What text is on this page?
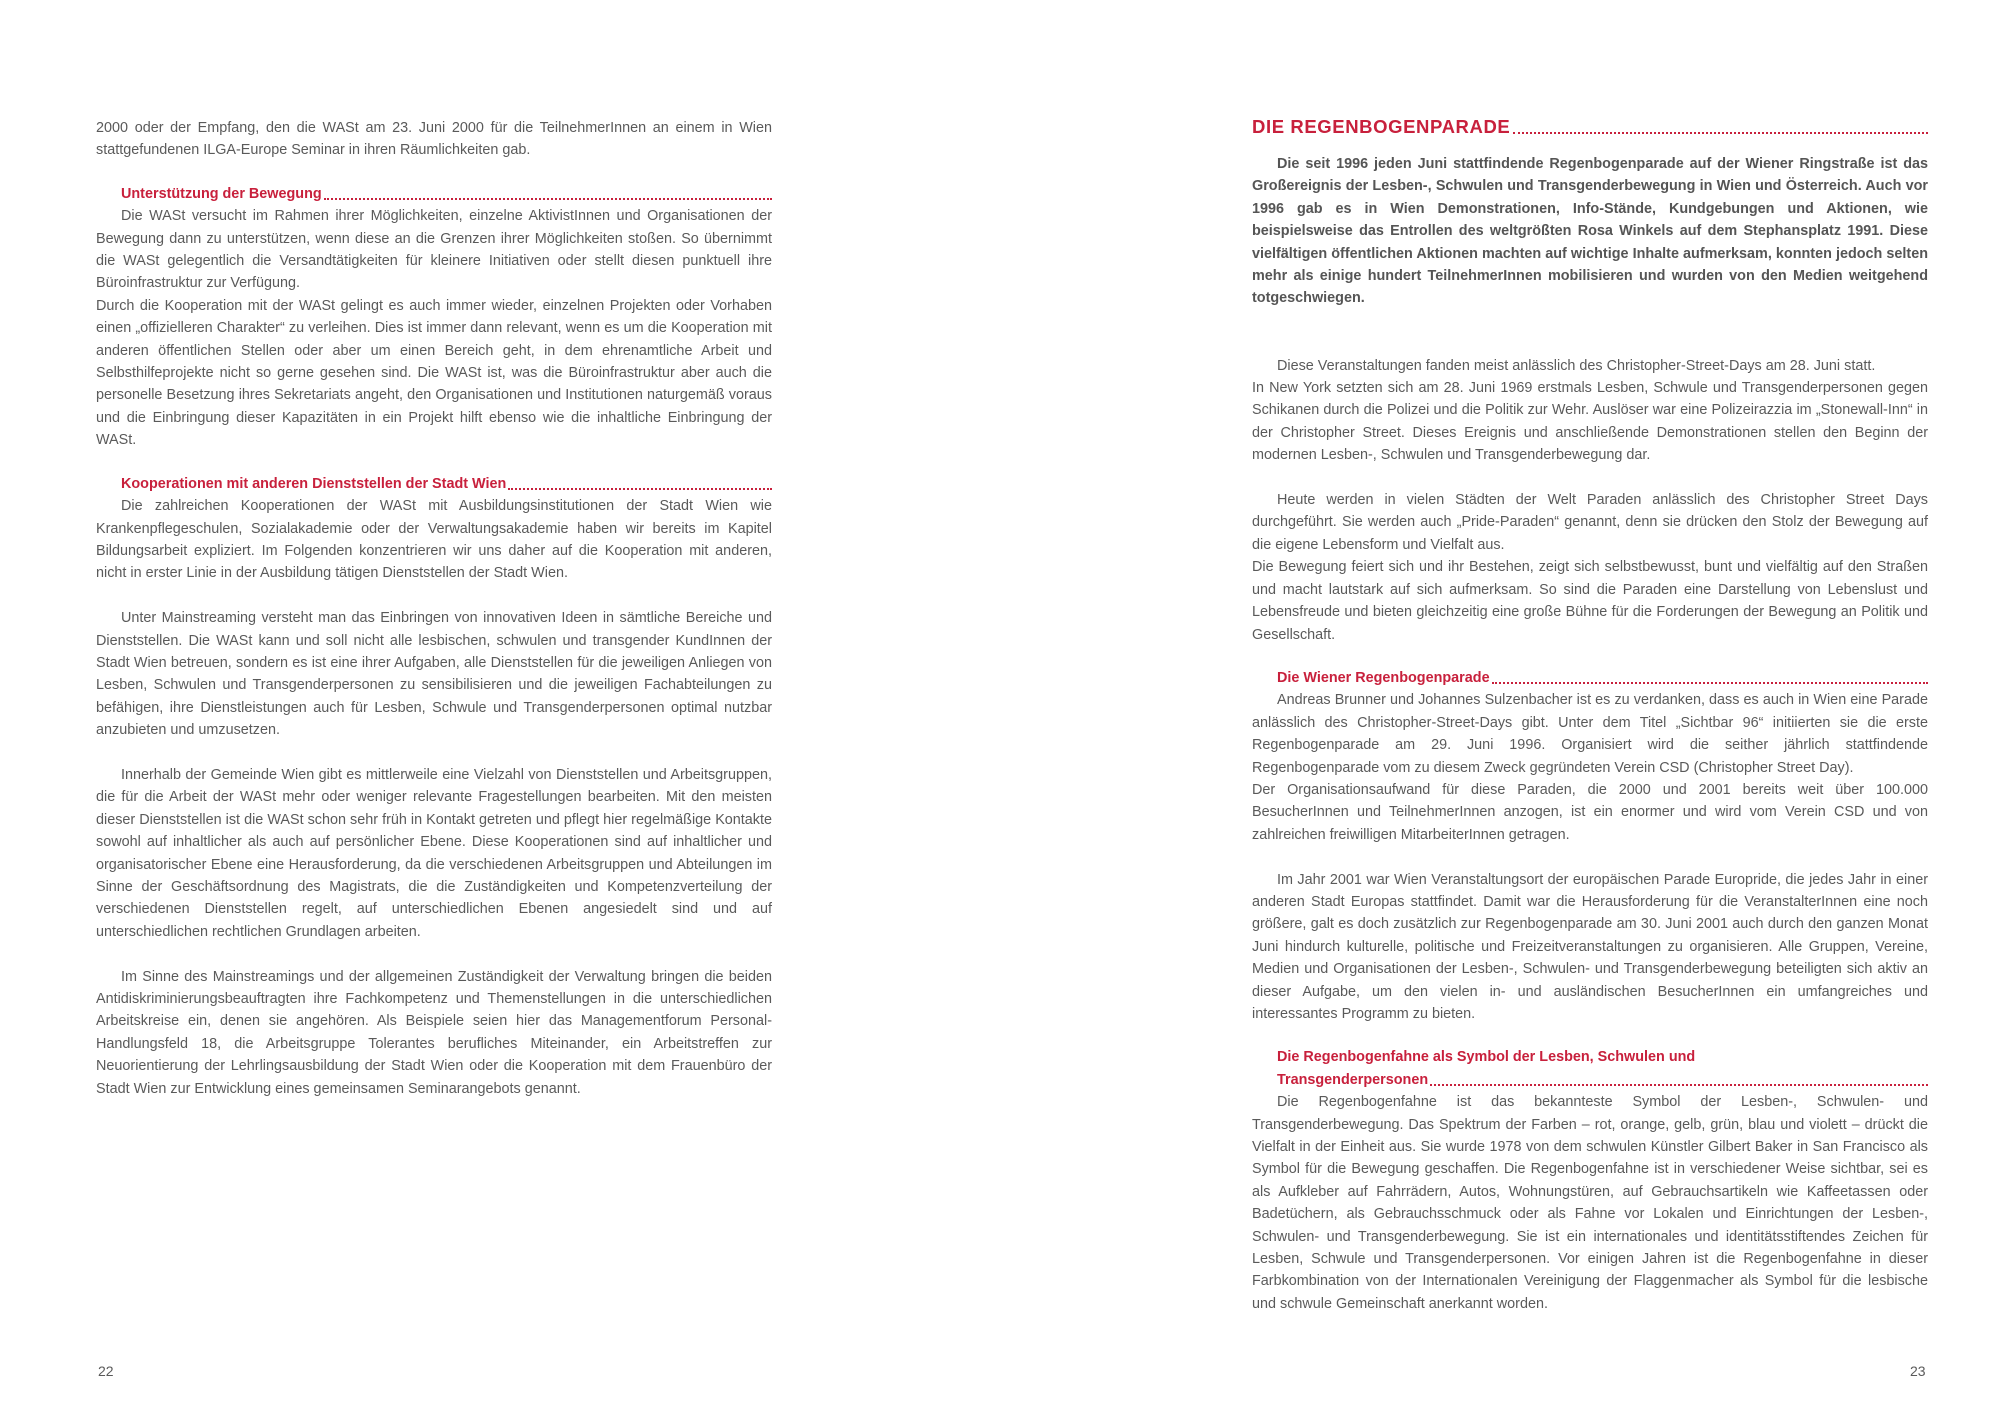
2000 oder der Empfang, den die WASt am 23. Juni 2000 für die TeilnehmerInnen an einem in Wien stattgefundenen ILGA-Europe Seminar in ihren Räumlichkeiten gab.

Unterstützung der Bewegung

Die WASt versucht im Rahmen ihrer Möglichkeiten, einzelne AktivistInnen und Organisationen der Bewegung dann zu unterstützen, wenn diese an die Grenzen ihrer Möglichkeiten stoßen. So übernimmt die WASt gelegentlich die Versandtätigkeiten für kleinere Initiativen oder stellt diesen punktuell ihre Büroinfrastruktur zur Verfügung.

Durch die Kooperation mit der WASt gelingt es auch immer wieder, einzelnen Projekten oder Vorhaben einen „offizielleren Charakter“ zu verleihen. Dies ist immer dann relevant, wenn es um die Kooperation mit anderen öffentlichen Stellen oder aber um einen Bereich geht, in dem ehrenamtliche Arbeit und Selbsthilfeprojekte nicht so gerne gesehen sind. Die WASt ist, was die Büroinfrastruktur aber auch die personelle Besetzung ihres Sekretariats angeht, den Organisationen und Institutionen naturgemäß voraus und die Einbringung dieser Kapazitäten in ein Projekt hilft ebenso wie die inhaltliche Einbringung der WASt.

Kooperationen mit anderen Dienststellen der Stadt Wien

Die zahlreichen Kooperationen der WASt mit Ausbildungsinstitutionen der Stadt Wien wie Krankenpflegeschulen, Sozialakademie oder der Verwaltungsakademie haben wir bereits im Kapitel Bildungsarbeit expliziert. Im Folgenden konzentrieren wir uns daher auf die Kooperation mit anderen, nicht in erster Linie in der Ausbildung tätigen Dienststellen der Stadt Wien.

Unter Mainstreaming versteht man das Einbringen von innovativen Ideen in sämtliche Bereiche und Dienststellen. Die WASt kann und soll nicht alle lesbischen, schwulen und transgender KundInnen der Stadt Wien betreuen, sondern es ist eine ihrer Aufgaben, alle Dienststellen für die jeweiligen Anliegen von Lesben, Schwulen und Transgenderpersonen zu sensibilisieren und die jeweiligen Fachabteilungen zu befähigen, ihre Dienstleistungen auch für Lesben, Schwule und Transgenderpersonen optimal nutzbar anzubieten und umzusetzen.

Innerhalb der Gemeinde Wien gibt es mittlerweile eine Vielzahl von Dienststellen und Arbeitsgruppen, die für die Arbeit der WASt mehr oder weniger relevante Fragestellungen bearbeiten. Mit den meisten dieser Dienststellen ist die WASt schon sehr früh in Kontakt getreten und pflegt hier regelmäßige Kontakte sowohl auf inhaltlicher als auch auf persönlicher Ebene. Diese Kooperationen sind auf inhaltlicher und organisatorischer Ebene eine Herausforderung, da die verschiedenen Arbeitsgruppen und Abteilungen im Sinne der Geschäftsordnung des Magistrats, die die Zuständigkeiten und Kompetenzverteilung der verschiedenen Dienststellen regelt, auf unterschiedlichen Ebenen angesiedelt sind und auf unterschiedlichen rechtlichen Grundlagen arbeiten.

Im Sinne des Mainstreamings und der allgemeinen Zuständigkeit der Verwaltung bringen die beiden Antidiskriminierungsbeauftragten ihre Fachkompetenz und Themenstellungen in die unterschiedlichen Arbeitskreise ein, denen sie angehören. Als Beispiele seien hier das Managementforum Personal-Handlungsfeld 18, die Arbeitsgruppe Tolerantes berufliches Miteinander, ein Arbeitstreffen zur Neuorientierung der Lehrlingsausbildung der Stadt Wien oder die Kooperation mit dem Frauenbüro der Stadt Wien zur Entwicklung eines gemeinsamen Seminarangebots genannt.

22
DIE REGENBOGENPARADE

Die seit 1996 jeden Juni stattfindende Regenbogenparade auf der Wiener Ringstraße ist das Großereignis der Lesben-, Schwulen und Transgenderbewegung in Wien und Österreich. Auch vor 1996 gab es in Wien Demonstrationen, Info-Stände, Kundgebungen und Aktionen, wie beispielsweise das Entrollen des weltgrößten Rosa Winkels auf dem Stephansplatz 1991. Diese vielfältigen öffentlichen Aktionen machten auf wichtige Inhalte aufmerksam, konnten jedoch selten mehr als einige hundert TeilnehmerInnen mobilisieren und wurden von den Medien weitgehend totgeschwiegen.

Diese Veranstaltungen fanden meist anlässlich des Christopher-Street-Days am 28. Juni statt.

In New York setzten sich am 28. Juni 1969 erstmals Lesben, Schwule und Transgenderpersonen gegen Schikanen durch die Polizei und die Politik zur Wehr. Auslöser war eine Polizeirazzia im „Stonewall-Inn“ in der Christopher Street. Dieses Ereignis und anschließende Demonstrationen stellen den Beginn der modernen Lesben-, Schwulen und Transgenderbewegung dar.

Heute werden in vielen Städten der Welt Paraden anlässlich des Christopher Street Days durchgeführt. Sie werden auch „Pride-Paraden“ genannt, denn sie drücken den Stolz der Bewegung auf die eigene Lebensform und Vielfalt aus.

Die Bewegung feiert sich und ihr Bestehen, zeigt sich selbstbewusst, bunt und vielfältig auf den Straßen und macht lautstark auf sich aufmerksam. So sind die Paraden eine Darstellung von Lebenslust und Lebensfreude und bieten gleichzeitig eine große Bühne für die Forderungen der Bewegung an Politik und Gesellschaft.

Die Wiener Regenbogenparade

Andreas Brunner und Johannes Sulzenbacher ist es zu verdanken, dass es auch in Wien eine Parade anlässlich des Christopher-Street-Days gibt. Unter dem Titel „Sichtbar 96“ initiierten sie die erste Regenbogenparade am 29. Juni 1996. Organisiert wird die seither jährlich stattfindende Regenbogenparade vom zu diesem Zweck gegründeten Verein CSD (Christopher Street Day).

Der Organisationsaufwand für diese Paraden, die 2000 und 2001 bereits weit über 100.000 BesucherInnen und TeilnehmerInnen anzogen, ist ein enormer und wird vom Verein CSD und von zahlreichen freiwilligen MitarbeiterInnen getragen.

Im Jahr 2001 war Wien Veranstaltungsort der europäischen Parade Europride, die jedes Jahr in einer anderen Stadt Europas stattfindet. Damit war die Herausforderung für die VeranstalterInnen eine noch größere, galt es doch zusätzlich zur Regenbogenparade am 30. Juni 2001 auch durch den ganzen Monat Juni hindurch kulturelle, politische und Freizeitveranstaltungen zu organisieren. Alle Gruppen, Vereine, Medien und Organisationen der Lesben-, Schwulen- und Transgenderbewegung beteiligten sich aktiv an dieser Aufgabe, um den vielen in- und ausländischen BesucherInnen ein umfangreiches und interessantes Programm zu bieten.

Die Regenbogenfahne als Symbol der Lesben, Schwulen und
Transgenderpersonen

Die Regenbogenfahne ist das bekannteste Symbol der Lesben-, Schwulen- und Transgenderbewegung. Das Spektrum der Farben – rot, orange, gelb, grün, blau und violett – drückt die Vielfalt in der Einheit aus. Sie wurde 1978 von dem schwulen Künstler Gilbert Baker in San Francisco als Symbol für die Bewegung geschaffen. Die Regenbogenfahne ist in verschiedener Weise sichtbar, sei es als Aufkleber auf Fahrrädern, Autos, Wohnungstüren, auf Gebrauchsartikeln wie Kaffeetassen oder Badetüchern, als Gebrauchsschmuck oder als Fahne vor Lokalen und Einrichtungen der Lesben-, Schwulen- und Transgenderbewegung. Sie ist ein internationales und identitätsstiftendes Zeichen für Lesben, Schwule und Transgenderpersonen. Vor einigen Jahren ist die Regenbogenfahne in dieser Farbkombination von der Internationalen Vereinigung der Flaggenmacher als Symbol für die lesbische und schwule Gemeinschaft anerkannt worden.

23
